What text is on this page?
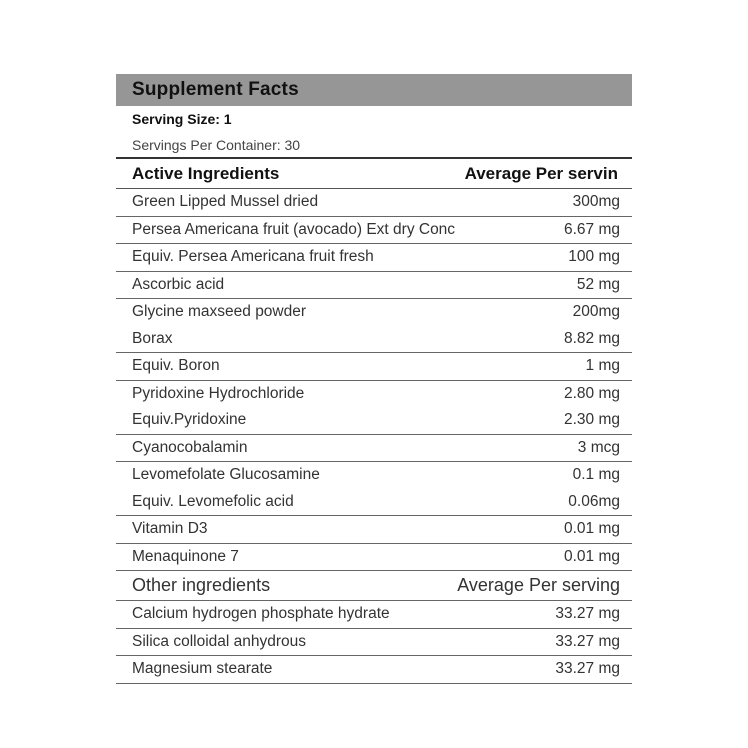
Supplement Facts
Serving Size: 1
Servings Per Container: 30
Active Ingredients	Average Per servin
Green Lipped Mussel dried	300mg
Persea Americana fruit (avocado) Ext dry Conc	6.67 mg
Equiv. Persea Americana fruit fresh	100 mg
Ascorbic acid	52 mg
Glycine maxseed powder	200mg
Borax	8.82 mg
Equiv. Boron	1 mg
Pyridoxine Hydrochloride	2.80 mg
Equiv.Pyridoxine	2.30 mg
Cyanocobalamin	3 mcg
Levomefolate Glucosamine	0.1 mg
Equiv. Levomefolic acid	0.06mg
Vitamin D3	0.01 mg
Menaquinone 7	0.01 mg
Other ingredients	Average Per serving
Calcium hydrogen phosphate hydrate	33.27 mg
Silica colloidal anhydrous	33.27 mg
Magnesium stearate	33.27 mg
